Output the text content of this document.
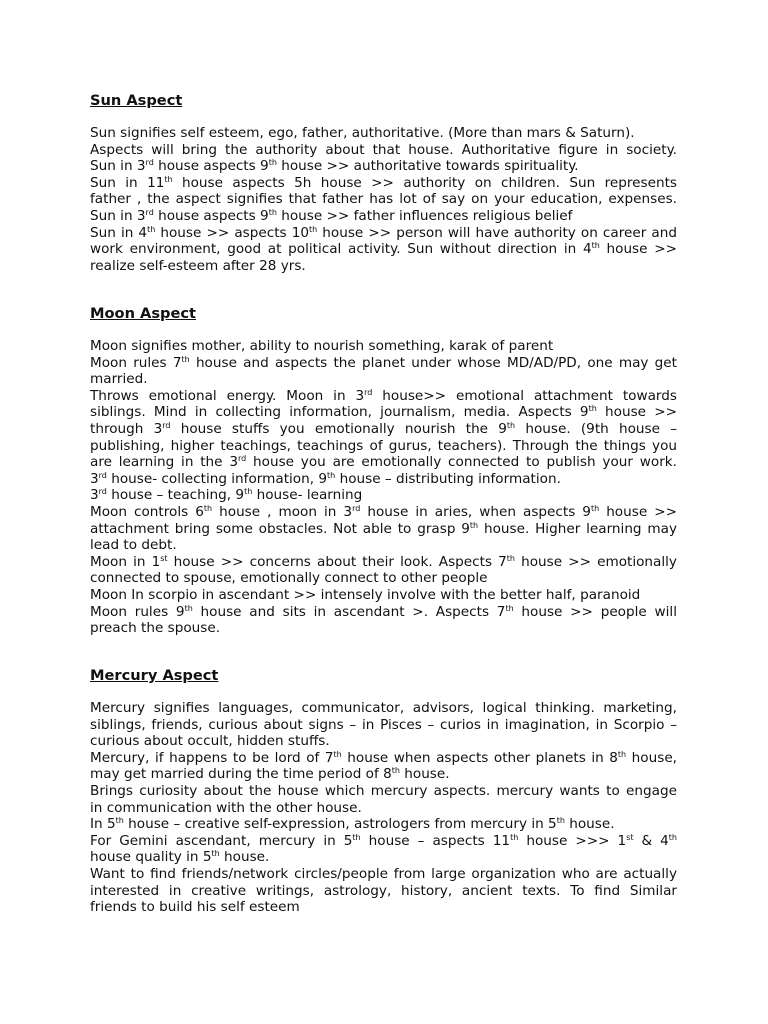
Sun Aspect
Sun signifies self esteem, ego, father, authoritative. (More than mars & Saturn).
Aspects will bring the authority about that house. Authoritative figure in society.
Sun in 3rd house aspects 9th house >> authoritative towards spirituality.
Sun in 11th house aspects 5h house >> authority on children. Sun represents
father , the aspect signifies that father has lot of say on your education, expenses.
Sun in 3rd house aspects 9th house >> father influences religious belief
Sun in 4th house >> aspects 10th house >> person will have authority on career and
work environment, good at political activity. Sun without direction in 4th house >>
realize self-esteem after 28 yrs.
Moon Aspect
Moon signifies mother, ability to nourish something, karak of parent
Moon rules 7th house and aspects the planet under whose MD/AD/PD, one may get
married.
Throws emotional energy. Moon in 3rd house>> emotional attachment towards
siblings. Mind in collecting information, journalism, media. Aspects 9th house >>
through 3rd house stuffs you emotionally nourish the 9th house. (9th house –
publishing, higher teachings, teachings of gurus, teachers). Through the things you
are learning in the 3rd house you are emotionally connected to publish your work.
3rd house- collecting information, 9th house – distributing information.
3rd house – teaching, 9th house- learning
Moon controls 6th house , moon in 3rd house in aries, when aspects 9th house >>
attachment bring some obstacles. Not able to grasp 9th house. Higher learning may
lead to debt.
Moon in 1st house >> concerns about their look. Aspects 7th house >> emotionally
connected to spouse, emotionally connect to other people
Moon In scorpio in ascendant >> intensely involve with the better half, paranoid
Moon rules 9th house and sits in ascendant >. Aspects 7th house >> people will
preach the spouse.
Mercury Aspect
Mercury signifies languages, communicator, advisors, logical thinking. marketing,
siblings, friends, curious about signs – in Pisces – curios in imagination, in Scorpio –
curious about occult, hidden stuffs.
Mercury, if happens to be lord of 7th house when aspects other planets in 8th house,
may get married during the time period of 8th house.
Brings curiosity about the house which mercury aspects. mercury wants to engage
in communication with the other house.
In 5th house – creative self-expression, astrologers from mercury in 5th house.
For Gemini ascendant, mercury in 5th house – aspects 11th house >>> 1st & 4th
house quality in 5th house.
Want to find friends/network circles/people from large organization who are actually
interested in creative writings, astrology, history, ancient texts. To find Similar
friends to build his self esteem
